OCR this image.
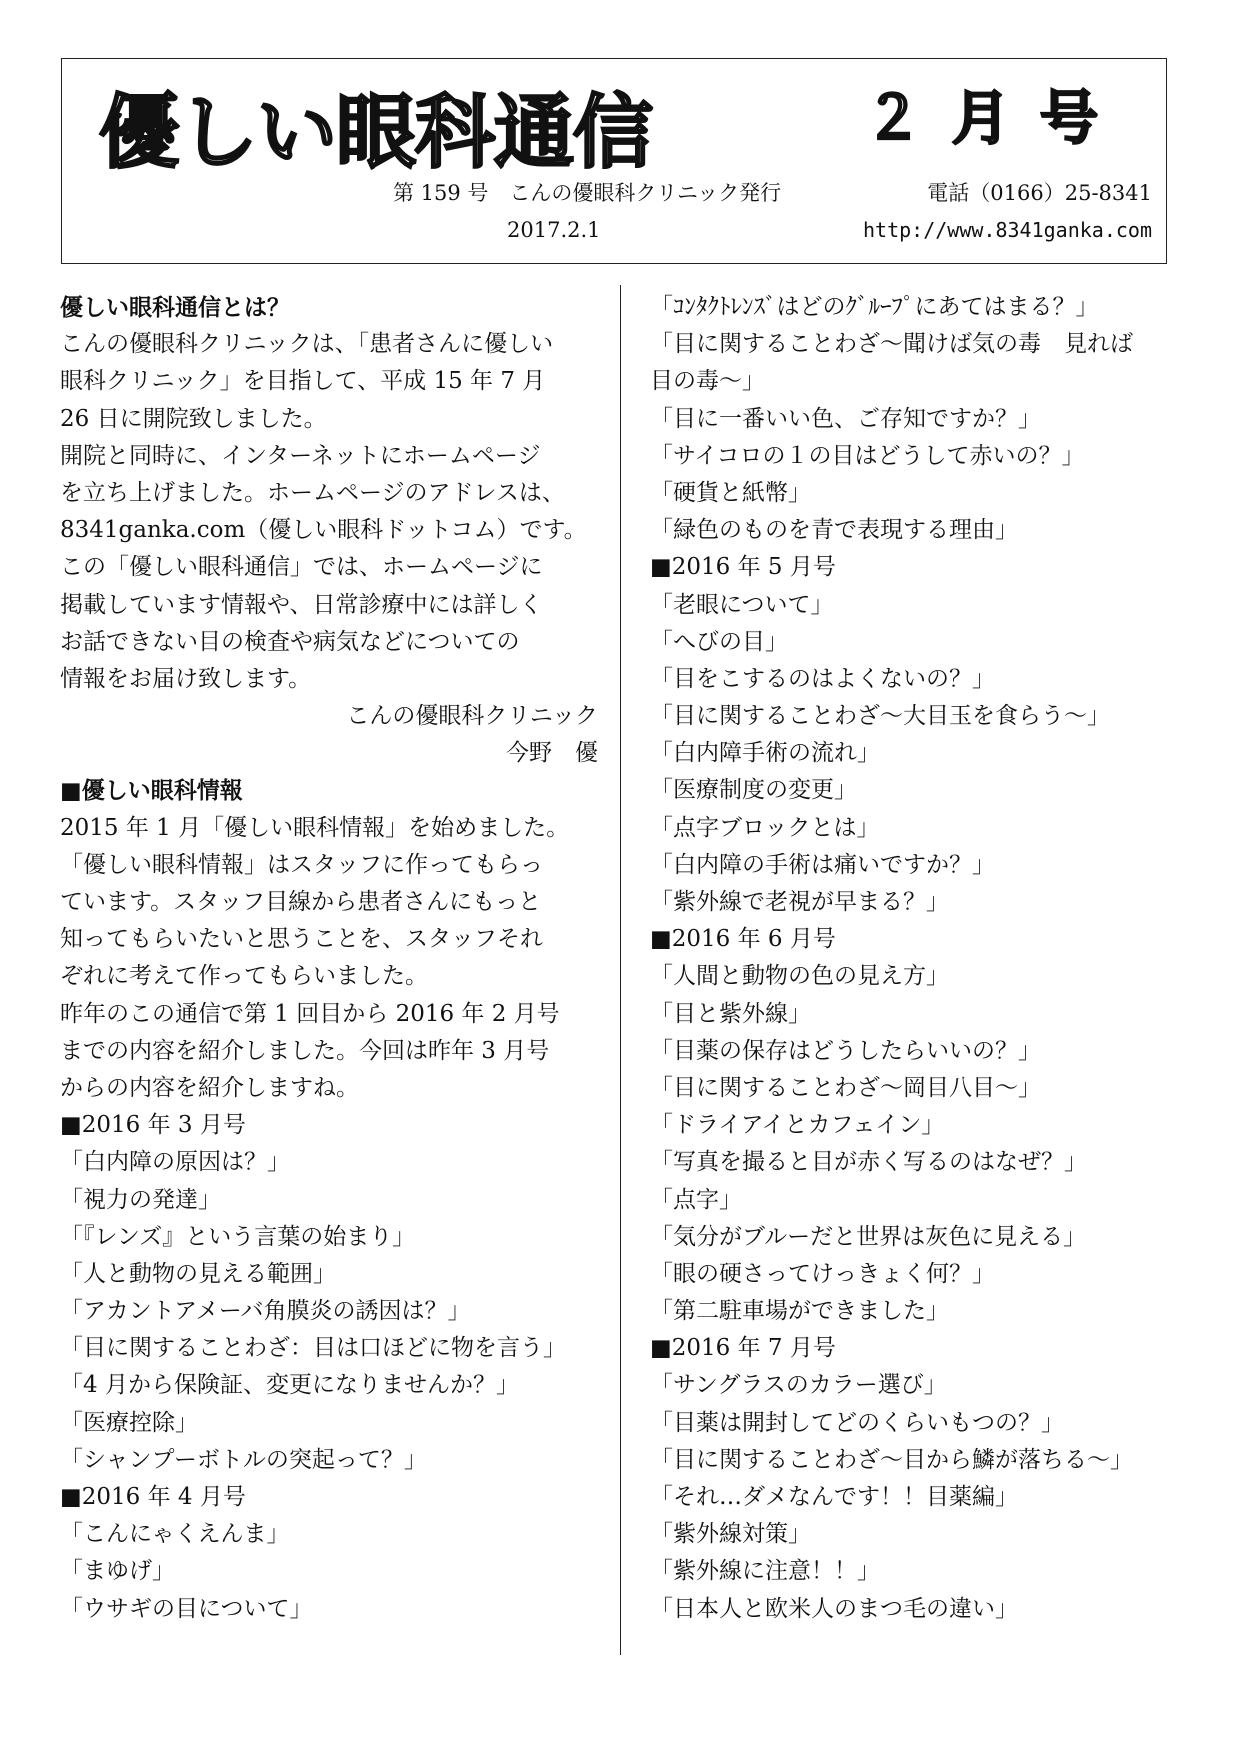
優しい眼科通信	２月号
第 159 号　こんの優眼科クリニック発行	電話（0166）25-8341
2017.2.1	http://www.8341ganka.com

優しい眼科通信とは？

こんの優眼科クリニックは、「患者さんに優しい

眼科クリニック」を目指して、平成 15 年 7 月

26 日に開院致しました。

開院と同時に、インターネットにホームページ

を立ち上げました。ホームページのアドレスは、

8341ganka.com（優しい眼科ドットコム）です。

この「優しい眼科通信」では、ホームページに

掲載しています情報や、日常診療中には詳しく

お話できない目の検査や病気などについての

情報をお届け致します。

こんの優眼科クリニック

今野　優

■優しい眼科情報

2015 年 1 月「優しい眼科情報」を始めました。

「優しい眼科情報」はスタッフに作ってもらっ

ています。スタッフ目線から患者さんにもっと

知ってもらいたいと思うことを、スタッフそれ

ぞれに考えて作ってもらいました。

昨年のこの通信で第 1 回目から 2016 年 2 月号

までの内容を紹介しました。今回は昨年 3 月号

からの内容を紹介しますね。

■2016 年 3 月号

「白内障の原因は？」

「視力の発達」

「『レンズ』という言葉の始まり」

「人と動物の見える範囲」

「アカントアメーバ角膜炎の誘因は？」

「目に関することわざ：目は口ほどに物を言う」

「4 月から保険証、変更になりませんか？」

「医療控除」

「シャンプーボトルの突起って？」

■2016 年 4 月号

「こんにゃくえんま」

「まゆげ」

「ウサギの目について」

「ｺﾝﾀｸﾄﾚﾝｽﾞはどのｸﾞﾙｰﾌﾟにあてはまる？」

「目に関することわざ～聞けば気の毒　見れば

目の毒～」

「目に一番いい色、ご存知ですか？」

「サイコロの１の目はどうして赤いの？」

「硬貨と紙幣」

「緑色のものを青で表現する理由」

■2016 年 5 月号

「老眼について」

「へびの目」

「目をこするのはよくないの？」

「目に関することわざ～大目玉を食らう～」

「白内障手術の流れ」

「医療制度の変更」

「点字ブロックとは」

「白内障の手術は痛いですか？」

「紫外線で老視が早まる？」

■2016 年 6 月号

「人間と動物の色の見え方」

「目と紫外線」

「目薬の保存はどうしたらいいの？」

「目に関することわざ～岡目八目～」

「ドライアイとカフェイン」

「写真を撮ると目が赤く写るのはなぜ？」

「点字」

「気分がブルーだと世界は灰色に見える」

「眼の硬さってけっきょく何？」

「第二駐車場ができました」

■2016 年 7 月号

「サングラスのカラー選び」

「目薬は開封してどのくらいもつの？」

「目に関することわざ～目から鱗が落ちる～」

「それ…ダメなんです！！目薬編」

「紫外線対策」

「紫外線に注意！！」

「日本人と欧米人のまつ毛の違い」
